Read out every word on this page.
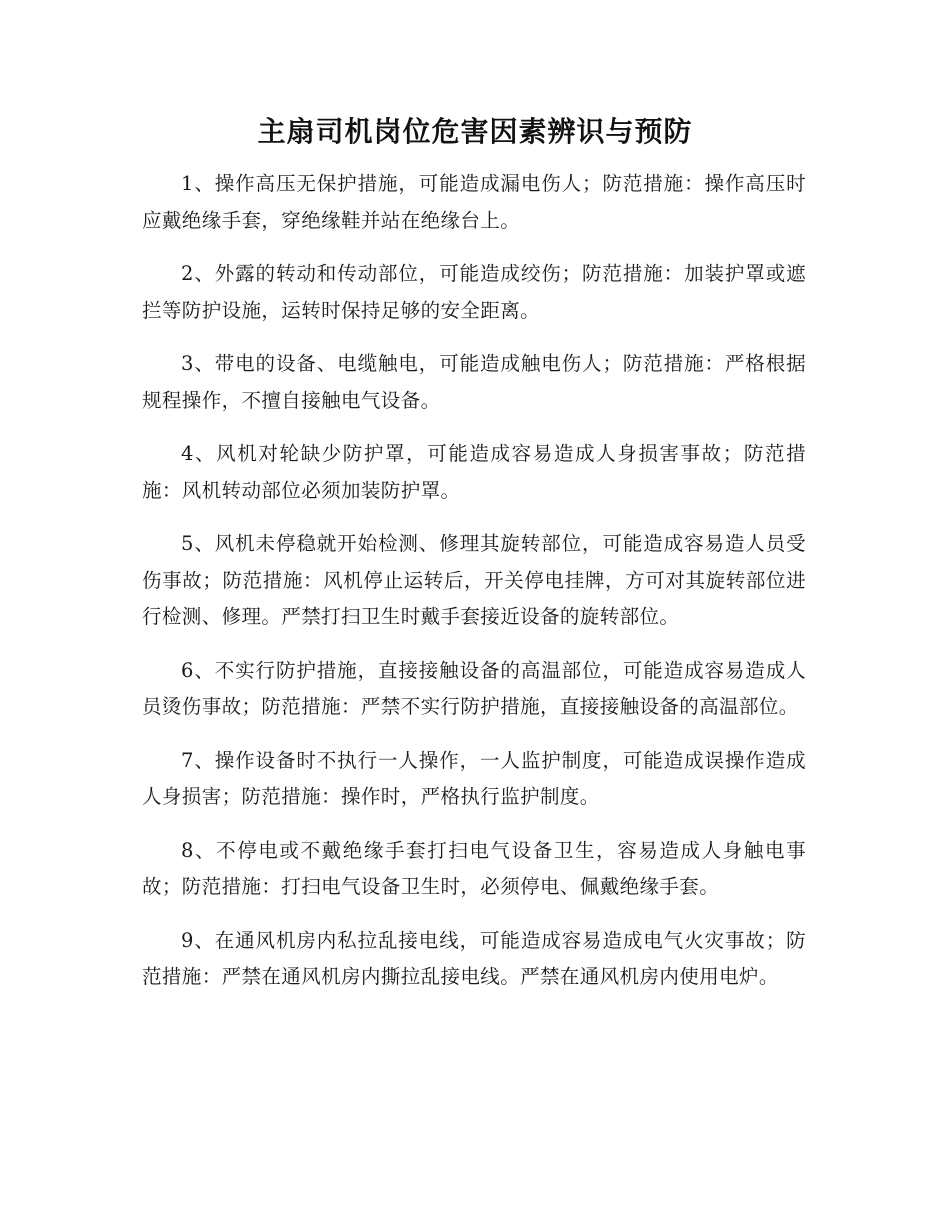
主扇司机岗位危害因素辨识与预防

1、操作高压无保护措施，可能造成漏电伤人；防范措施：操作高压时应戴绝缘手套，穿绝缘鞋并站在绝缘台上。

2、外露的转动和传动部位，可能造成绞伤；防范措施：加装护罩或遮拦等防护设施，运转时保持足够的安全距离。

3、带电的设备、电缆触电，可能造成触电伤人；防范措施：严格根据规程操作，不擅自接触电气设备。

4、风机对轮缺少防护罩，可能造成容易造成人身损害事故；防范措施：风机转动部位必须加装防护罩。

5、风机未停稳就开始检测、修理其旋转部位，可能造成容易造人员受伤事故；防范措施：风机停止运转后，开关停电挂牌，方可对其旋转部位进行检测、修理。严禁打扫卫生时戴手套接近设备的旋转部位。

6、不实行防护措施，直接接触设备的高温部位，可能造成容易造成人员烫伤事故；防范措施：严禁不实行防护措施，直接接触设备的高温部位。

7、操作设备时不执行一人操作，一人监护制度，可能造成误操作造成人身损害；防范措施：操作时，严格执行监护制度。

8、不停电或不戴绝缘手套打扫电气设备卫生，容易造成人身触电事故；防范措施：打扫电气设备卫生时，必须停电、佩戴绝缘手套。

9、在通风机房内私拉乱接电线，可能造成容易造成电气火灾事故；防范措施：严禁在通风机房内撕拉乱接电线。严禁在通风机房内使用电炉。
